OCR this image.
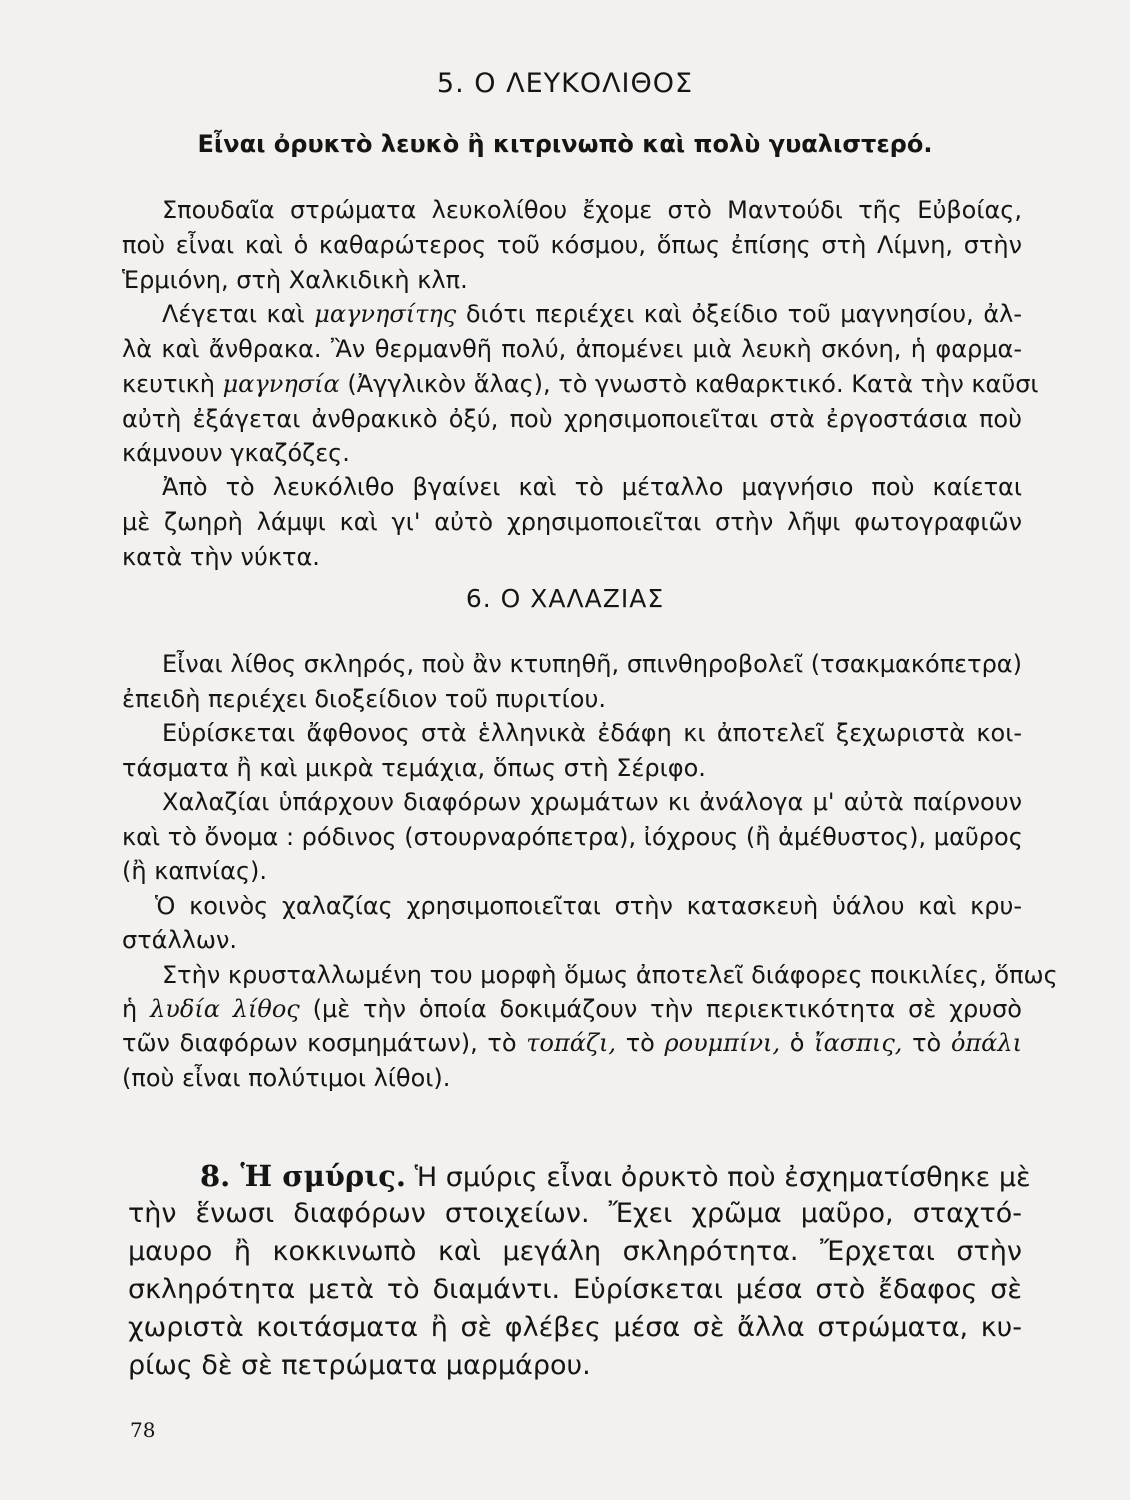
5. Ο ΛΕΥΚΟΛΙΘΟΣ
Εἶναι ὀρυκτὸ λευκὸ ἢ κιτρινωπὸ καὶ πολὺ γυαλιστερό.
Σπουδαῖα στρώματα λευκολίθου ἔχομε στὸ Μαντούδι τῆς Εὐβοίας,
ποὺ εἶναι καὶ ὁ καθαρώτερος τοῦ κόσμου, ὅπως ἐπίσης στὴ Λίμνη, στὴν
Ἑρμιόνη, στὴ Χαλκιδικὴ κλπ.
Λέγεται καὶ μαγνησίτης διότι περιέχει καὶ ὀξείδιο τοῦ μαγνησίου, ἀλ-
λὰ καὶ ἄνθρακα. Ἂν θερμανθῆ πολύ, ἀπομένει μιὰ λευκὴ σκόνη, ἡ φαρμα-
κευτικὴ μαγνησία (Ἀγγλικὸν ἅλας), τὸ γνωστὸ καθαρκτικό. Κατὰ τὴν καῦσι
αὐτὴ ἐξάγεται ἀνθρακικὸ ὀξύ, ποὺ χρησιμοποιεῖται στὰ ἐργοστάσια ποὺ
κάμνουν γκαζόζες.
Ἀπὸ τὸ λευκόλιθο βγαίνει καὶ τὸ μέταλλο μαγνήσιο ποὺ καίεται
μὲ ζωηρὴ λάμψι καὶ γι' αὐτὸ χρησιμοποιεῖται στὴν λῆψι φωτογραφιῶν
κατὰ τὴν νύκτα.
6. Ο ΧΑΛΑΖΙΑΣ
Εἶναι λίθος σκληρός, ποὺ ἂν κτυπηθῆ, σπινθηροβολεῖ (τσακμακόπετρα)
ἐπειδὴ περιέχει διοξείδιον τοῦ πυριτίου.
Εὑρίσκεται ἄφθονος στὰ ἑλληνικὰ ἐδάφη κι ἀποτελεῖ ξεχωριστὰ κοι-
τάσματα ἢ καὶ μικρὰ τεμάχια, ὅπως στὴ Σέριφο.
Χαλαζίαι ὑπάρχουν διαφόρων χρωμάτων κι ἀνάλογα μ' αὐτὰ παίρνουν
καὶ τὸ ὄνομα : ρόδινος (στουρναρόπετρα), ἰόχρους (ἢ ἀμέθυστος), μαῦρος
(ἢ καπνίας).
Ὁ κοινὸς χαλαζίας χρησιμοποιεῖται στὴν κατασκευὴ ὑάλου καὶ κρυ-
στάλλων.
Στὴν κρυσταλλωμένη του μορφὴ ὅμως ἀποτελεῖ διάφορες ποικιλίες, ὅπως
ἡ λυδία λίθος (μὲ τὴν ὁποία δοκιμάζουν τὴν περιεκτικότητα σὲ χρυσὸ
τῶν διαφόρων κοσμημάτων), τὸ τοπάζι, τὸ ρουμπίνι, ὁ ἴασπις, τὸ ὀπάλι
(ποὺ εἶναι πολύτιμοι λίθοι).
8. Ἡ σμύρις. Ἡ σμύρις εἶναι ὀρυκτὸ ποὺ ἐσχηματίσθηκε μὲ
τὴν ἕνωσι διαφόρων στοιχείων. Ἔχει χρῶμα μαῦρο, σταχτό-
μαυρο ἢ κοκκινωπὸ καὶ μεγάλη σκληρότητα. Ἔρχεται στὴν
σκληρότητα μετὰ τὸ διαμάντι. Εὑρίσκεται μέσα στὸ ἔδαφος σὲ
χωριστὰ κοιτάσματα ἢ σὲ φλέβες μέσα σὲ ἄλλα στρώματα, κυ-
ρίως δὲ σὲ πετρώματα μαρμάρου.
78
